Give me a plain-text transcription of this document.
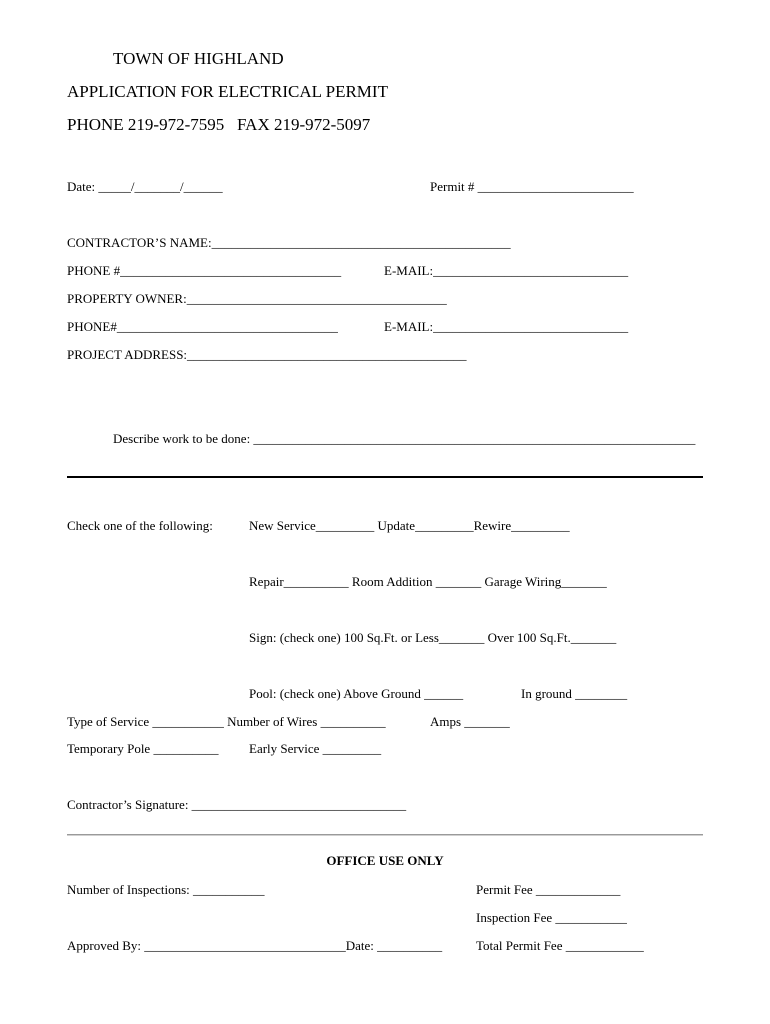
TOWN OF HIGHLAND
APPLICATION FOR ELECTRICAL PERMIT
PHONE 219-972-7595   FAX 219-972-5097
Date: _____/_______/______	Permit # ________________________
CONTRACTOR’S NAME:______________________________________________
PHONE #__________________________________	E-MAIL:______________________________
PROPERTY OWNER:________________________________________
PHONE#__________________________________	E-MAIL:______________________________
PROJECT ADDRESS:___________________________________________
Describe work to be done: ____________________________________________________________________
Check one of the following:	New Service_________ Update_________Rewire_________
Repair__________ Room Addition _______ Garage Wiring_______
Sign: (check one) 100 Sq.Ft. or Less_______ Over 100 Sq.Ft._______
Pool: (check one) Above Ground ______	In ground ________
Type of Service ___________ Number of Wires __________	Amps _______
Temporary Pole __________ Early Service _________
Contractor’s Signature: _________________________________
OFFICE USE ONLY
Number of Inspections: ___________	Permit Fee _____________
Inspection Fee ___________
Approved By: _______________________________Date: __________	Total Permit Fee ____________
